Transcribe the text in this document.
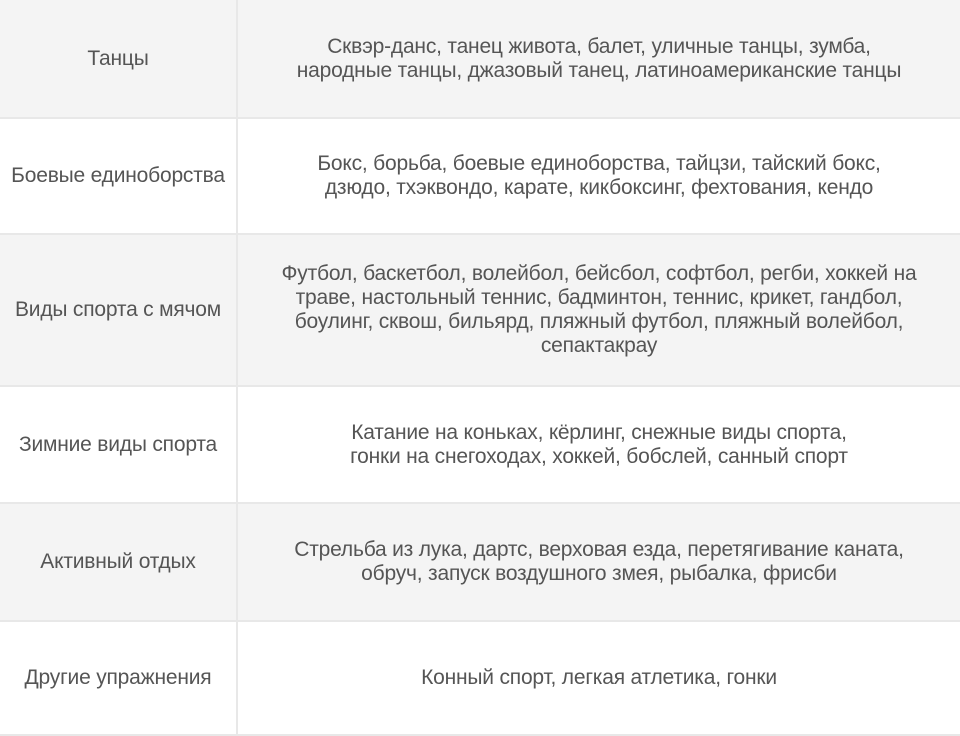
Танцы	Сквэр-данс, танец живота, балет, уличные танцы, зумба,
народные танцы, джазовый танец, латиноамериканские танцы

Боевые единоборства	Бокс, борьба, боевые единоборства, тайцзи, тайский бокс,
дзюдо, тхэквондо, карате, кикбоксинг, фехтования, кендо

Виды спорта с мячом	Футбол, баскетбол, волейбол, бейсбол, софтбол, регби, хоккей на
траве, настольный теннис, бадминтон, теннис, крикет, гандбол,
боулинг, сквош, бильярд, пляжный футбол, пляжный волейбол,
сепактакрау

Зимние виды спорта	Катание на коньках, кёрлинг, снежные виды спорта,
гонки на снегоходах, хоккей, бобслей, санный спорт

Активный отдых	Стрельба из лука, дартс, верховая езда, перетягивание каната,
обруч, запуск воздушного змея, рыбалка, фрисби

Другие упражнения	Конный спорт, легкая атлетика, гонки
